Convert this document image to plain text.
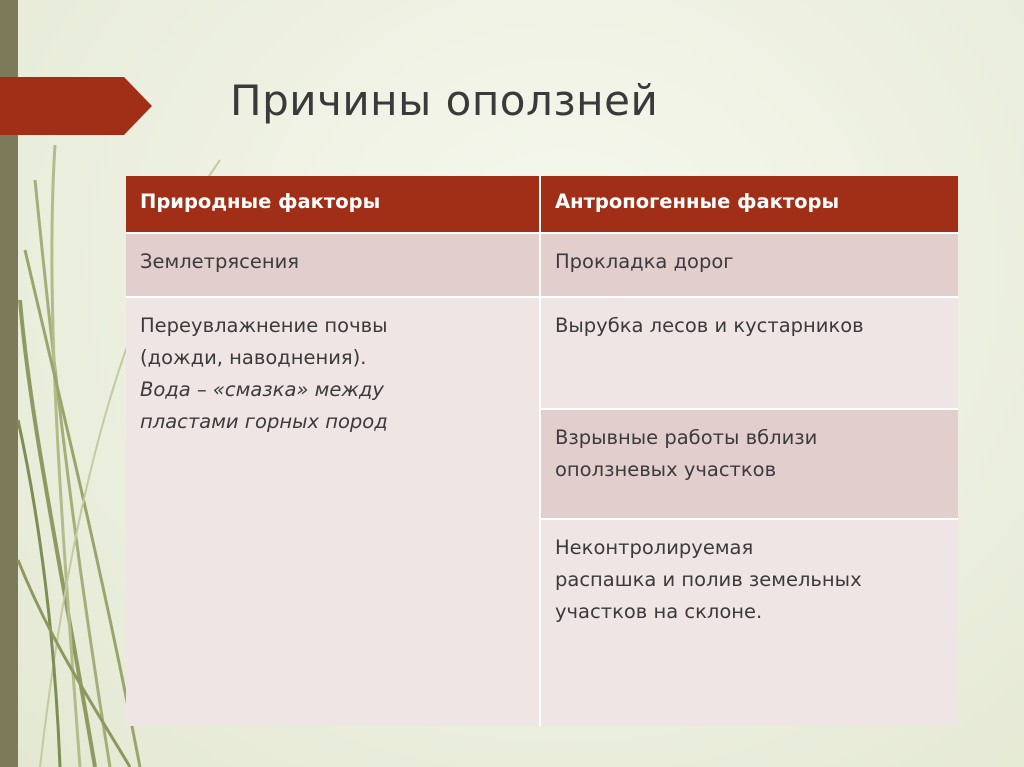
Причины оползней
Природные факторы	Антропогенные факторы
Землетрясения	Прокладка дорог
Переувлажнение почвы
(дожди, наводнения).
Вода – «смазка» между
пластами горных пород
Вырубка лесов и кустарников
Взрывные работы вблизи
оползневых участков
Неконтролируемая
распашка и полив земельных
участков на склоне.
